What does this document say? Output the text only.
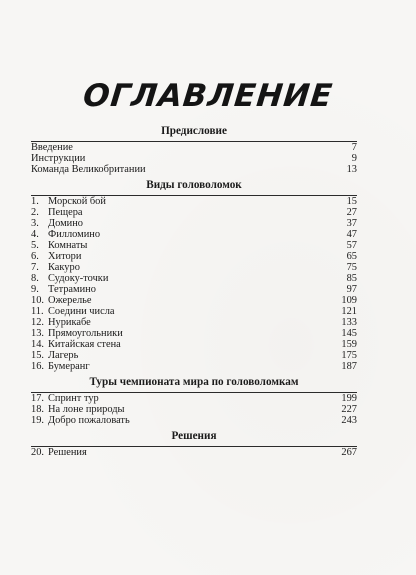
ОГЛАВЛЕНИЕ
Предисловие
Введение	7
Инструкции	9
Команда Великобритании	13
Виды головоломок
1. Морской бой	15
2. Пещера	27
3. Домино	37
4. Филломино	47
5. Комнаты	57
6. Хитори	65
7. Какуро	75
8. Судоку-точки	85
9. Тетрамино	97
10. Ожерелье	109
11. Соедини числа	121
12. Нурикабе	133
13. Прямоугольники	145
14. Китайская стена	159
15. Лагерь	175
16. Бумеранг	187
Туры чемпионата мира по головоломкам
17. Спринт тур	199
18. На лоне природы	227
19. Добро пожаловать	243
Решения
20. Решения	267
